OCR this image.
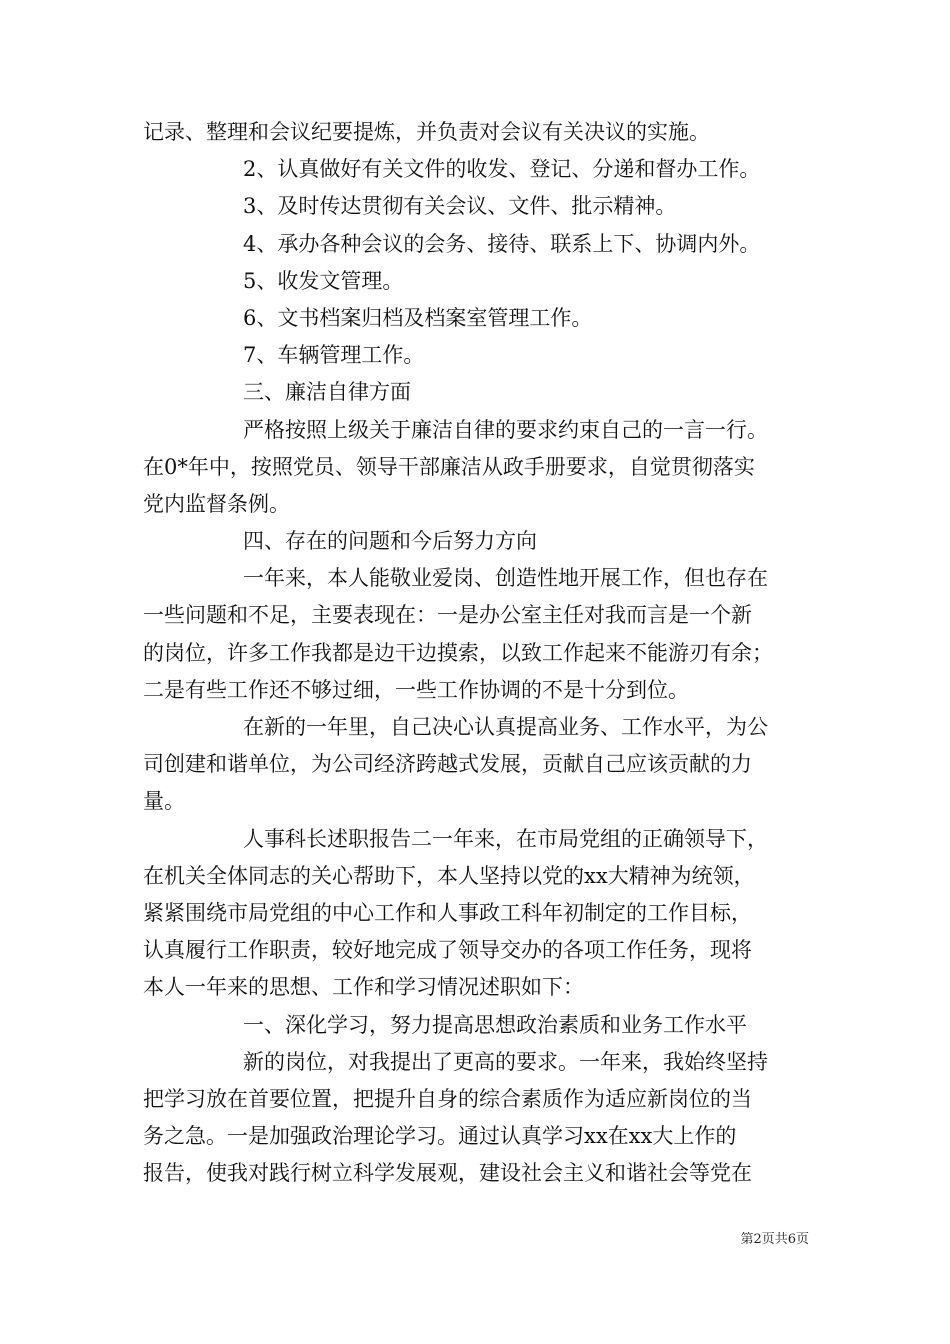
记录、整理和会议纪要提炼，并负责对会议有关决议的实施。
2、认真做好有关文件的收发、登记、分递和督办工作。
3、及时传达贯彻有关会议、文件、批示精神。
4、承办各种会议的会务、接待、联系上下、协调内外。
5、收发文管理。
6、文书档案归档及档案室管理工作。
7、车辆管理工作。
三、廉洁自律方面
严格按照上级关于廉洁自律的要求约束自己的一言一行。
在0*年中，按照党员、领导干部廉洁从政手册要求，自觉贯彻落实
党内监督条例。
四、存在的问题和今后努力方向
一年来，本人能敬业爱岗、创造性地开展工作，但也存在
一些问题和不足，主要表现在：一是办公室主任对我而言是一个新
的岗位，许多工作我都是边干边摸索，以致工作起来不能游刃有余；
二是有些工作还不够过细，一些工作协调的不是十分到位。
在新的一年里，自己决心认真提高业务、工作水平，为公
司创建和谐单位，为公司经济跨越式发展，贡献自己应该贡献的力
量。
人事科长述职报告二一年来，在市局党组的正确领导下，
在机关全体同志的关心帮助下，本人坚持以党的xx大精神为统领，
紧紧围绕市局党组的中心工作和人事政工科年初制定的工作目标，
认真履行工作职责，较好地完成了领导交办的各项工作任务，现将
本人一年来的思想、工作和学习情况述职如下：
一、深化学习，努力提高思想政治素质和业务工作水平
新的岗位，对我提出了更高的要求。一年来，我始终坚持
把学习放在首要位置，把提升自身的综合素质作为适应新岗位的当
务之急。一是加强政治理论学习。通过认真学习xx在xx大上作的
报告，使我对践行树立科学发展观，建设社会主义和谐社会等党在
第2页共6页
